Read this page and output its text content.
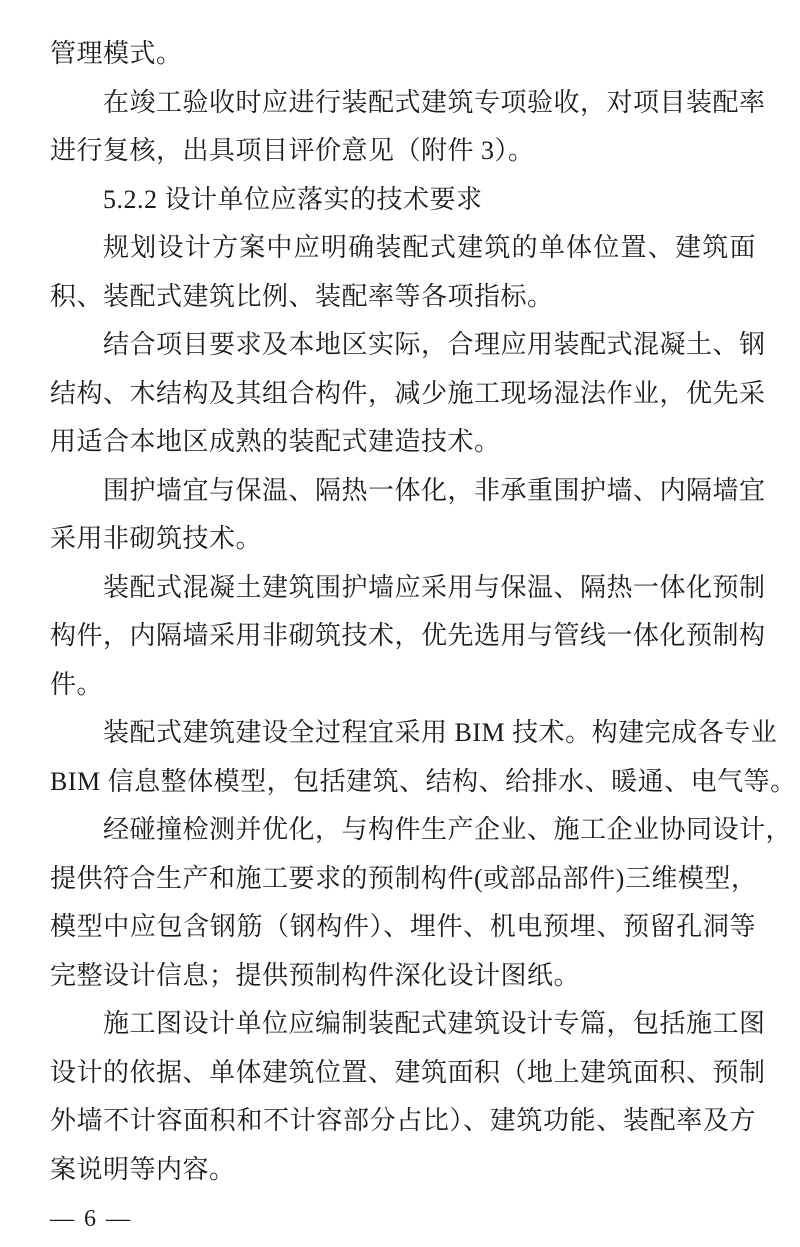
管理模式。
在竣工验收时应进行装配式建筑专项验收，对项目装配率
进行复核，出具项目评价意见（附件 3）。
5.2.2 设计单位应落实的技术要求
规划设计方案中应明确装配式建筑的单体位置、建筑面
积、装配式建筑比例、装配率等各项指标。
结合项目要求及本地区实际，合理应用装配式混凝土、钢
结构、木结构及其组合构件，减少施工现场湿法作业，优先采
用适合本地区成熟的装配式建造技术。
围护墙宜与保温、隔热一体化，非承重围护墙、内隔墙宜
采用非砌筑技术。
装配式混凝土建筑围护墙应采用与保温、隔热一体化预制
构件，内隔墙采用非砌筑技术，优先选用与管线一体化预制构
件。
装配式建筑建设全过程宜采用 BIM 技术。构建完成各专业
BIM 信息整体模型，包括建筑、结构、给排水、暖通、电气等。
经碰撞检测并优化，与构件生产企业、施工企业协同设计，
提供符合生产和施工要求的预制构件(或部品部件)三维模型，
模型中应包含钢筋（钢构件）、埋件、机电预埋、预留孔洞等
完整设计信息；提供预制构件深化设计图纸。
施工图设计单位应编制装配式建筑设计专篇，包括施工图
设计的依据、单体建筑位置、建筑面积（地上建筑面积、预制
外墙不计容面积和不计容部分占比）、建筑功能、装配率及方
案说明等内容。
— 6 —
